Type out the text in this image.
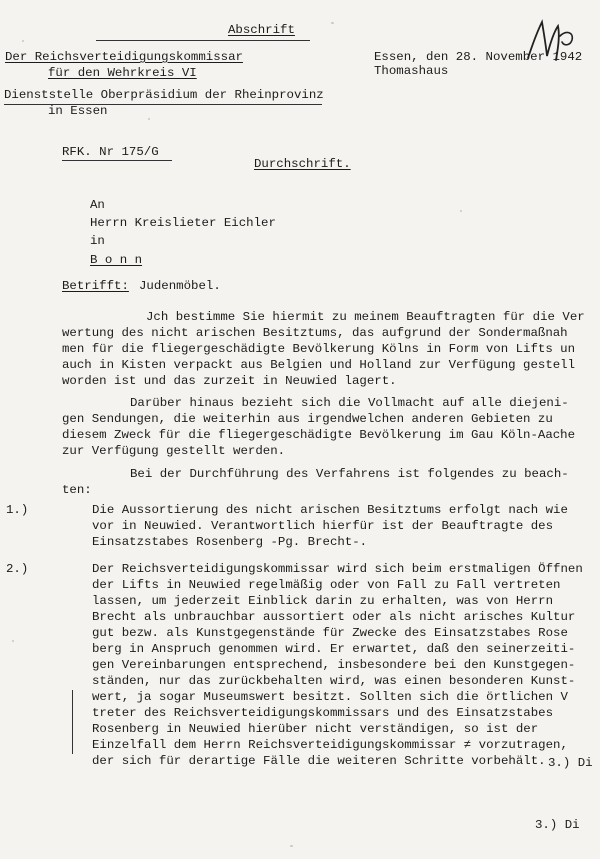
Abschrift
Der Reichsverteidigungskommissar
für den Wehrkreis VI
Dienststelle Oberpräsidium der Rheinprovinz
in Essen
Essen, den 28. November 1942
Thomashaus
RFK. Nr 175/G
Durchschrift.
An
Herrn Kreislieter Eichler
in
B o n n
Betrifft: Judenmöbel.
Jch bestimme Sie hiermit zu meinem Beauftragten für die Ver
wertung des nicht arischen Besitztums, das aufgrund der Sondermaßnah
men für die fliegergeschädigte Bevölkerung Kölns in Form von Lifts un
auch in Kisten verpackt aus Belgien und Holland zur Verfügung gestell
worden ist und das zurzeit in Neuwied lagert.
Darüber hinaus bezieht sich die Vollmacht auf alle diejeni-
gen Sendungen, die weiterhin aus irgendwelchen anderen Gebieten zu
diesem Zweck für die fliegergeschädigte Bevölkerung im Gau Köln-Aache
zur Verfügung gestellt werden.
Bei der Durchführung des Verfahrens ist folgendes zu beach-
ten:
1.)	Die Aussortierung des nicht arischen Besitztums erfolgt nach wie
vor in Neuwied. Verantwortlich hierfür ist der Beauftragte des
Einsatzstabes Rosenberg -Pg. Brecht-.
2.)	Der Reichsverteidigungskommissar wird sich beim erstmaligen Öffnen
der Lifts in Neuwied regelmäßig oder von Fall zu Fall vertreten
lassen, um jederzeit Einblick darin zu erhalten, was von Herrn
Brecht als unbrauchbar aussortiert oder als nicht arisches Kultur
gut bezw. als Kunstgegenstände für Zwecke des Einsatzstabes Rose
berg in Anspruch genommen wird. Er erwartet, daß den seinerzeiti-
gen Vereinbarungen entsprechend, insbesondere bei den Kunstgegen-
ständen, nur das zurückbehalten wird, was einen besonderen Kunst-
wert, ja sogar Museumswert besitzt. Sollten sich die örtlichen V
treter des Reichsverteidigungskommissars und des Einsatzstabes
Rosenberg in Neuwied hierüber nicht verständigen, so ist der
Einzelfall dem Herrn Reichsverteidigungskommissar ≠ vorzutragen,
der sich für derartige Fälle die weiteren Schritte vorbehält. 3.) Di
3.) Di
